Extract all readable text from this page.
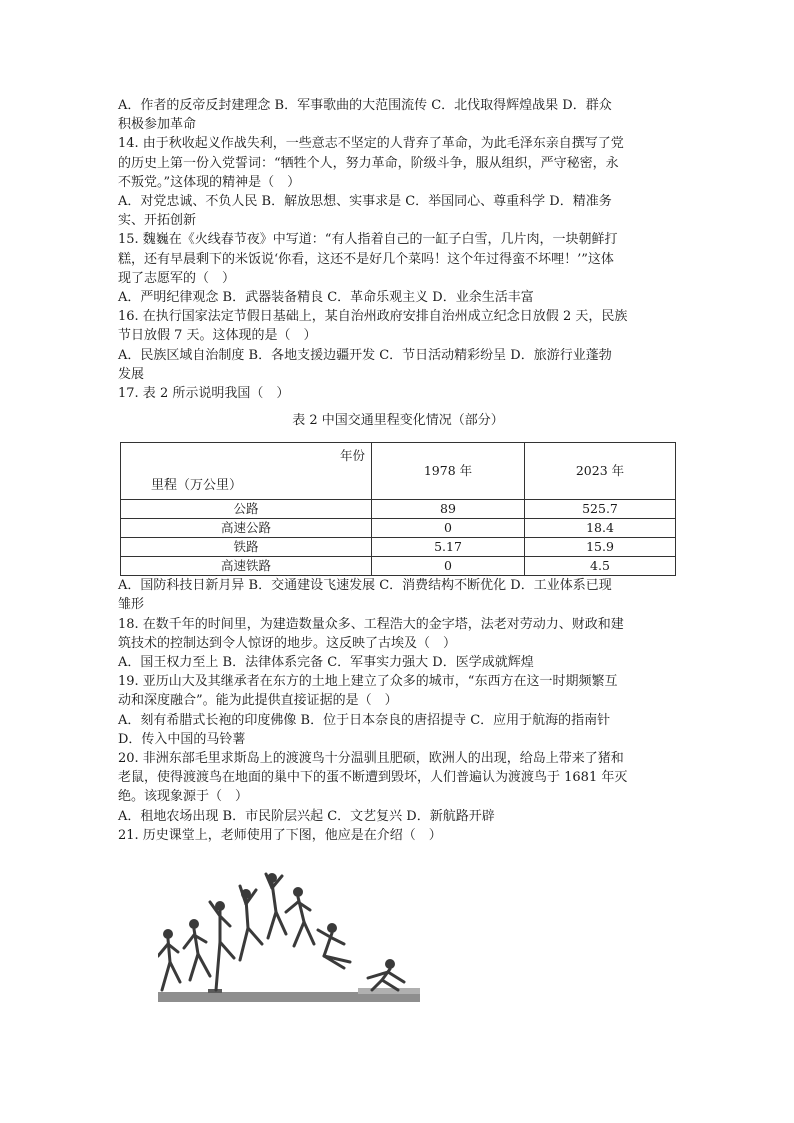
A．作者的反帝反封建理念 B．军事歌曲的大范围流传 C．北伐取得辉煌战果 D．群众

积极参加革命

14. 由于秋收起义作战失利，一些意志不坚定的人背弃了革命，为此毛泽东亲自撰写了党

的历史上第一份入党誓词：“牺牲个人，努力革命，阶级斗争，服从组织，严守秘密，永

不叛党。”这体现的精神是（　）

A．对党忠诚、不负人民 B．解放思想、实事求是 C．举国同心、尊重科学 D．精准务

实、开拓创新

15. 魏巍在《火线春节夜》中写道：“有人指着自己的一缸子白雪，几片肉，一块朝鲜打

糕，还有早晨剩下的米饭说‘你看，这还不是好几个菜吗！这个年过得蛮不坏哩！’”这体

现了志愿军的（　）

A．严明纪律观念 B．武器装备精良 C．革命乐观主义 D．业余生活丰富

16. 在执行国家法定节假日基础上，某自治州政府安排自治州成立纪念日放假 2 天，民族

节日放假 7 天。这体现的是（　）

A．民族区域自治制度 B．各地支援边疆开发 C．节日活动精彩纷呈 D．旅游行业蓬勃

发展

17. 表 2 所示说明我国（　）

表 2 中国交通里程变化情况（部分）
年份
里程（万公里）	1978 年	2023 年
公路	89	525.7
高速公路	0	18.4
铁路	5.17	15.9
高速铁路	0	4.5

A．国防科技日新月异 B．交通建设飞速发展 C．消费结构不断优化 D．工业体系已现

雏形

18. 在数千年的时间里，为建造数量众多、工程浩大的金字塔，法老对劳动力、财政和建

筑技术的控制达到令人惊讶的地步。这反映了古埃及（　）

A．国王权力至上 B．法律体系完备 C．军事实力强大 D．医学成就辉煌

19. 亚历山大及其继承者在东方的土地上建立了众多的城市，“东西方在这一时期频繁互

动和深度融合”。能为此提供直接证据的是（　）

A．刻有希腊式长袍的印度佛像 B．位于日本奈良的唐招提寺 C．应用于航海的指南针

D．传入中国的马铃薯

20. 非洲东部毛里求斯岛上的渡渡鸟十分温驯且肥硕，欧洲人的出现，给岛上带来了猪和

老鼠，使得渡渡鸟在地面的巢中下的蛋不断遭到毁坏，人们普遍认为渡渡鸟于 1681 年灭

绝。该现象源于（　）

A．租地农场出现 B．市民阶层兴起 C．文艺复兴 D．新航路开辟

21. 历史课堂上，老师使用了下图，他应是在介绍（　）
